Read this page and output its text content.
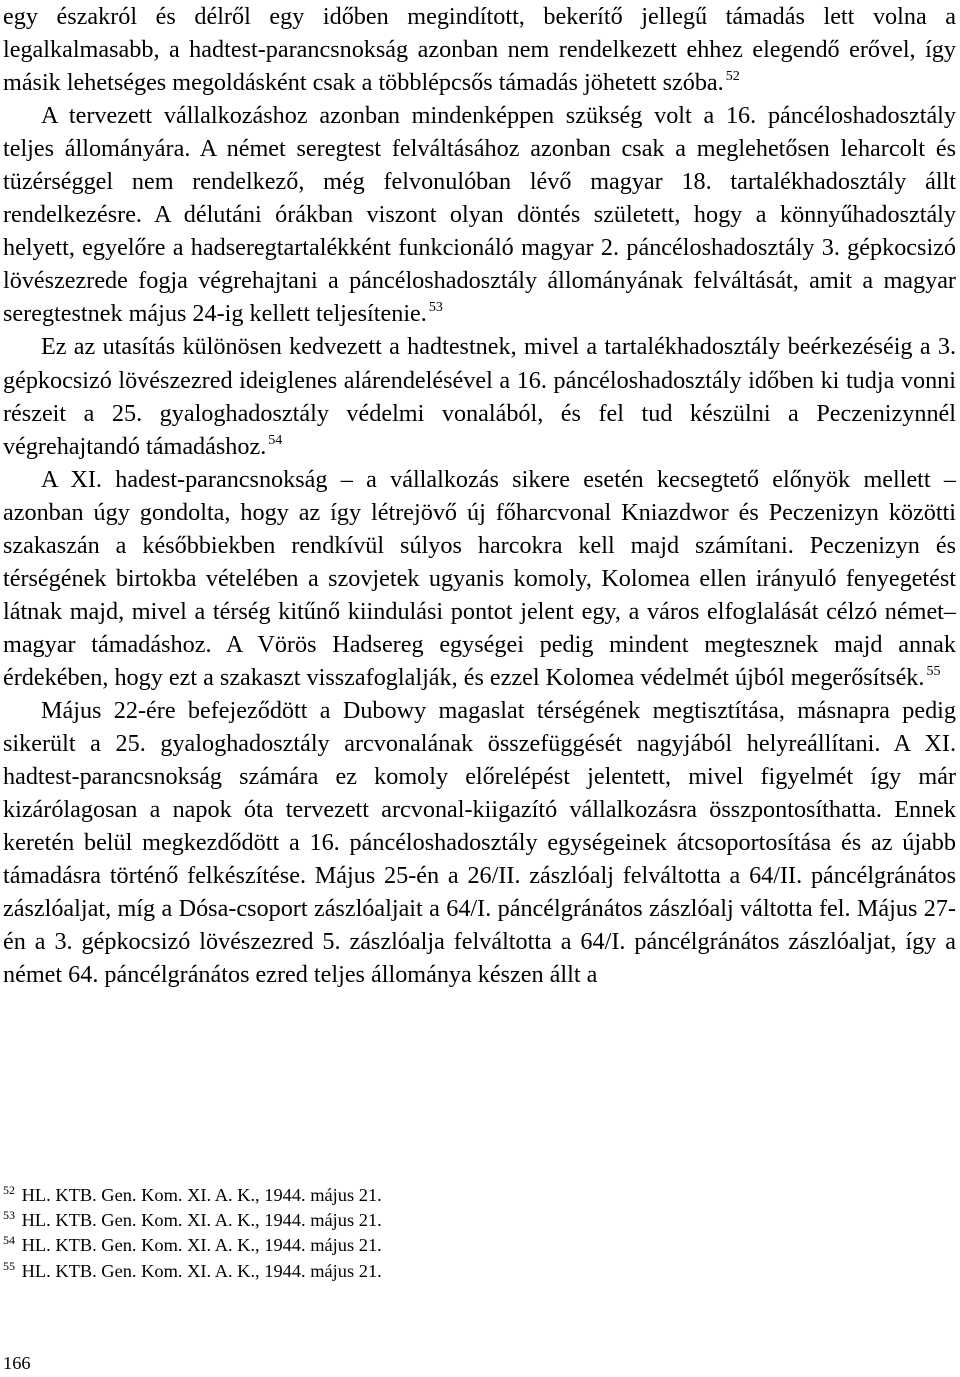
egy északról és délről egy időben megindított, bekerítő jellegű támadás lett volna a legalkalmasabb, a hadtest-parancsnokság azonban nem rendelkezett ehhez elegendő erővel, így másik lehetséges megoldásként csak a többlépcsős támadás jöhetett szóba. $^{52}$

A tervezett vállalkozáshoz azonban mindenképpen szükség volt a 16. páncéloshadosztály teljes állományára. A német seregtest felváltásához azonban csak a meglehetősen leharcolt és tüzérséggel nem rendelkező, még felvonulóban lévő magyar 18. tartalékhadosztály állt rendelkezésre. A délutáni órákban viszont olyan döntés született, hogy a könnyűhadosztály helyett, egyelőre a hadseregtartalékként funkcionáló magyar 2. páncéloshadosztály 3. gépkocsizó lövészezrede fogja végrehajtani a páncéloshadosztály állományának felváltását, amit a magyar seregtestnek május 24-ig kellett teljesítenie. $^{53}$

Ez az utasítás különösen kedvezett a hadtestnek, mivel a tartalékhadosztály beérkezéséig a 3. gépkocsizó lövészezred ideiglenes alárendelésével a 16. páncéloshadosztály időben ki tudja vonni részeit a 25. gyaloghadosztály védelmi vonalából, és fel tud készülni a Peczenizynnél végrehajtandó támadáshoz. $^{54}$

A XI. hadest-parancsnokság – a vállalkozás sikere esetén kecsegtető előnyök mellett – azonban úgy gondolta, hogy az így létrejövő új főharcvonal Kniazdwor és Peczenizyn közötti szakaszán a későbbiekben rendkívül súlyos harcokra kell majd számítani. Peczenizyn és térségének birtokba vételében a szovjetek ugyanis komoly, Kolomea ellen irányuló fenyegetést látnak majd, mivel a térség kitűnő kiindulási pontot jelent egy, a város elfoglalását célzó német–magyar támadáshoz. A Vörös Hadsereg egységei pedig mindent megtesznek majd annak érdekében, hogy ezt a szakaszt visszafoglalják, és ezzel Kolomea védelmét újból megerősítsék. $^{55}$

Május 22-ére befejeződött a Dubowy magaslat térségének megtisztítása, másnapra pedig sikerült a 25. gyaloghadosztály arcvonalának összefüggését nagyjából helyreállítani. A XI. hadtest-parancsnokság számára ez komoly előrelépést jelentett, mivel figyelmét így már kizárólagosan a napok óta tervezett arcvonal-kiigazító vállalkozásra összpontosíthatta. Ennek keretén belül megkezdődött a 16. páncéloshadosztály egységeinek átcsoportosítása és az újabb támadásra történő felkészítése. Május 25-én a 26/II. zászlóalj felváltotta a 64/II. páncélgránátos zászlóaljat, míg a Dósa-csoport zászlóaljait a 64/I. páncélgránátos zászlóalj váltotta fel. Május 27-én a 3. gépkocsizó lövészezred 5. zászlóalja felváltotta a 64/I. páncélgránátos zászlóaljat, így a német 64. páncélgránátos ezred teljes állománya készen állt a

$^{52}$ HL. KTB. Gen. Kom. XI. A. K., 1944. május 21.

$^{53}$ HL. KTB. Gen. Kom. XI. A. K., 1944. május 21.

$^{54}$ HL. KTB. Gen. Kom. XI. A. K., 1944. május 21.

$^{55}$ HL. KTB. Gen. Kom. XI. A. K., 1944. május 21.

166
